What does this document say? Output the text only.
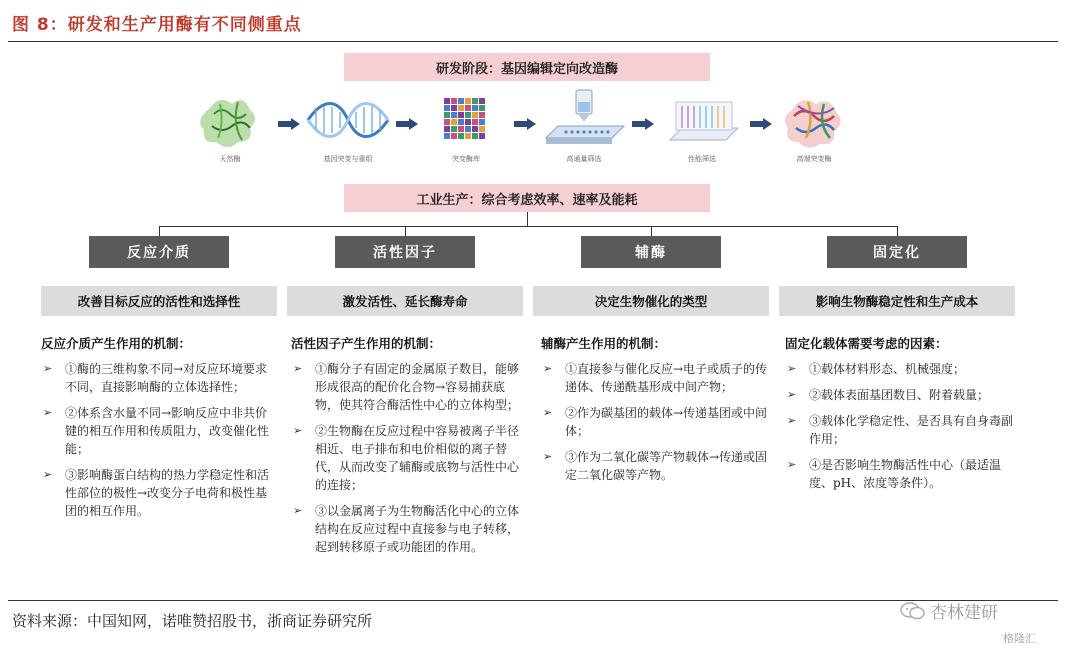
图 8：研发和生产用酶有不同侧重点
研发阶段：基因编辑定向改造酶
天然酶	基因突变与重组	突变酶库	高通量筛选	性能筛选	高端突变酶
工业生产：综合考虑效率、速率及能耗
反应介质	活性因子	辅酶	固定化
改善目标反应的活性和选择性	激发活性、延长酶寿命	决定生物催化的类型	影响生物酶稳定性和生产成本
反应介质产生作用的机制：
➢ ①酶的三维构象不同→对反应环境要求不同，直接影响酶的立体选择性；
➢ ②体系含水量不同→影响反应中非共价键的相互作用和传质阻力，改变催化性能；
➢ ③影响酶蛋白结构的热力学稳定性和活性部位的极性→改变分子电荷和极性基团的相互作用。
活性因子产生作用的机制：
➢ ①酶分子有固定的金属原子数目，能够形成很高的配价化合物→容易捕获底物，使其符合酶活性中心的立体构型；
➢ ②生物酶在反应过程中容易被离子半径相近、电子排布和电价相似的离子替代，从而改变了辅酶或底物与活性中心的连接；
➢ ③以金属离子为生物酶活化中心的立体结构在反应过程中直接参与电子转移，起到转移原子或功能团的作用。
辅酶产生作用的机制：
➢ ①直接参与催化反应→电子或质子的传递体、传递酰基形成中间产物；
➢ ②作为碳基团的载体→传递基团或中间体；
➢ ③作为二氧化碳等产物载体→传递或固定二氧化碳等产物。
固定化载体需要考虑的因素：
➢ ①载体材料形态、机械强度；
➢ ②载体表面基团数目、附着载量；
➢ ③载体化学稳定性、是否具有自身毒副作用；
➢ ④是否影响生物酶活性中心（最适温度、pH、浓度等条件）。
资料来源：中国知网，诺唯赞招股书，浙商证券研究所	杏林建研
格隆汇
